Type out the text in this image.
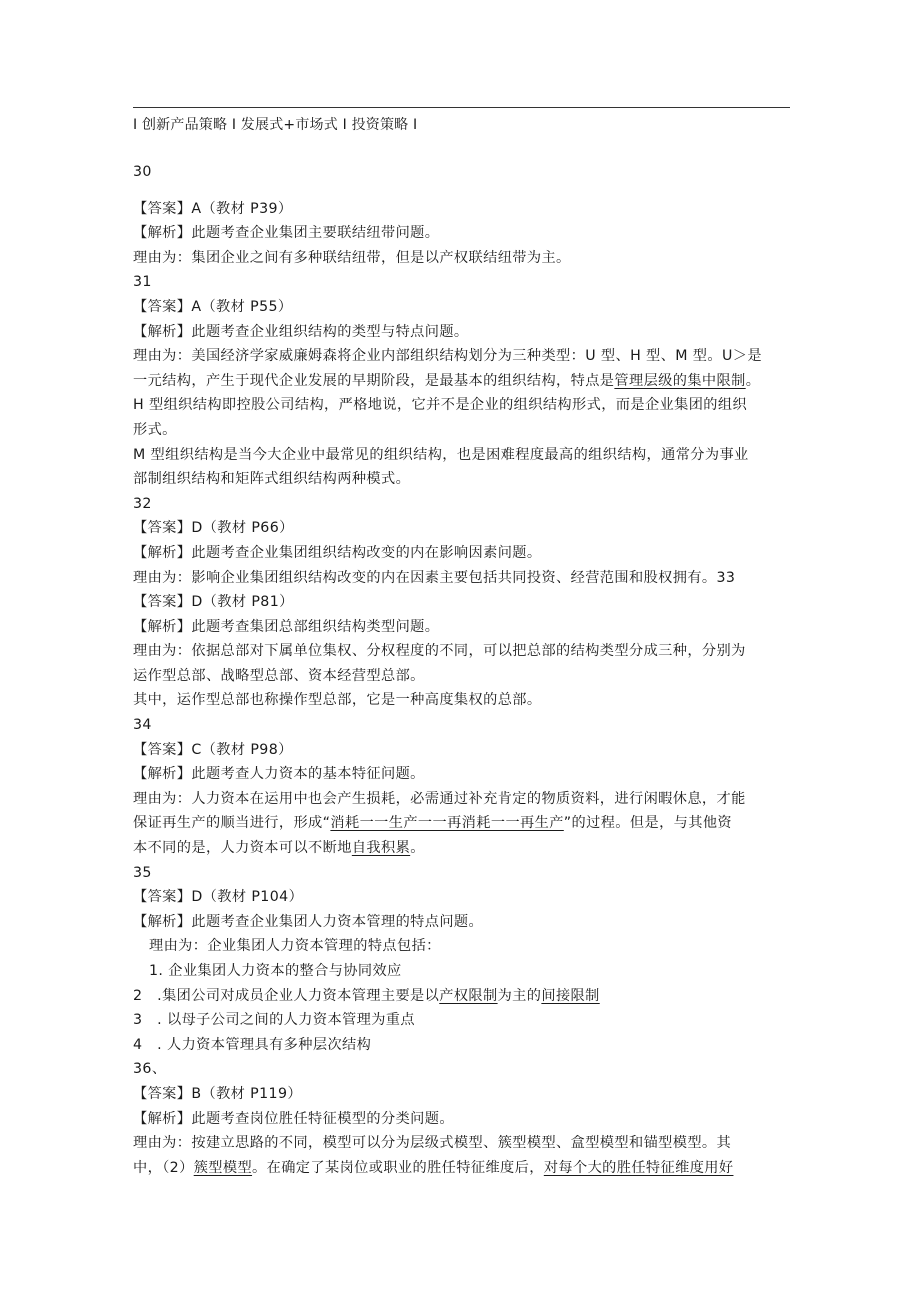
I 创新产品策略 I 发展式+市场式 I 投资策略 I
30
【答案】A（教材 P39）
【解析】此题考查企业集团主要联结纽带问题。
理由为：集团企业之间有多种联结纽带，但是以产权联结纽带为主。
31
【答案】A（教材 P55）
【解析】此题考查企业组织结构的类型与特点问题。
理由为：美国经济学家威廉姆森将企业内部组织结构划分为三种类型：U 型、H 型、M 型。U＞是
一元结构，产生于现代企业发展的早期阶段，是最基本的组织结构，特点是管理层级的集中限制。
H 型组织结构即控股公司结构，严格地说，它并不是企业的组织结构形式，而是企业集团的组织
形式。
M 型组织结构是当今大企业中最常见的组织结构，也是困难程度最高的组织结构，通常分为事业
部制组织结构和矩阵式组织结构两种模式。
32
【答案】D（教材 P66）
【解析】此题考查企业集团组织结构改变的内在影响因素问题。
理由为：影响企业集团组织结构改变的内在因素主要包括共同投资、经营范围和股权拥有。33
【答案】D（教材 P81）
【解析】此题考查集团总部组织结构类型问题。
理由为：依据总部对下属单位集权、分权程度的不同，可以把总部的结构类型分成三种，分别为
运作型总部、战略型总部、资本经营型总部。
其中，运作型总部也称操作型总部，它是一种高度集权的总部。
34
【答案】C（教材 P98）
【解析】此题考查人力资本的基本特征问题。
理由为：人力资本在运用中也会产生损耗，必需通过补充肯定的物质资料，进行闲暇休息，才能
保证再生产的顺当进行，形成“消耗一一生产一一再消耗一一再生产”的过程。但是，与其他资
本不同的是，人力资本可以不断地自我积累。
35
【答案】D（教材 P104）
【解析】此题考查企业集团人力资本管理的特点问题。
理由为：企业集团人力资本管理的特点包括：
1. 企业集团人力资本的整合与协同效应
2   .集团公司对成员企业人力资本管理主要是以产权限制为主的间接限制
3   . 以母子公司之间的人力资本管理为重点
4   . 人力资本管理具有多种层次结构
36、
【答案】B（教材 P119）
【解析】此题考查岗位胜任特征模型的分类问题。
理由为：按建立思路的不同，模型可以分为层级式模型、簇型模型、盒型模型和锚型模型。其
中，（2）簇型模型。在确定了某岗位或职业的胜任特征维度后，对每个大的胜任特征维度用好
